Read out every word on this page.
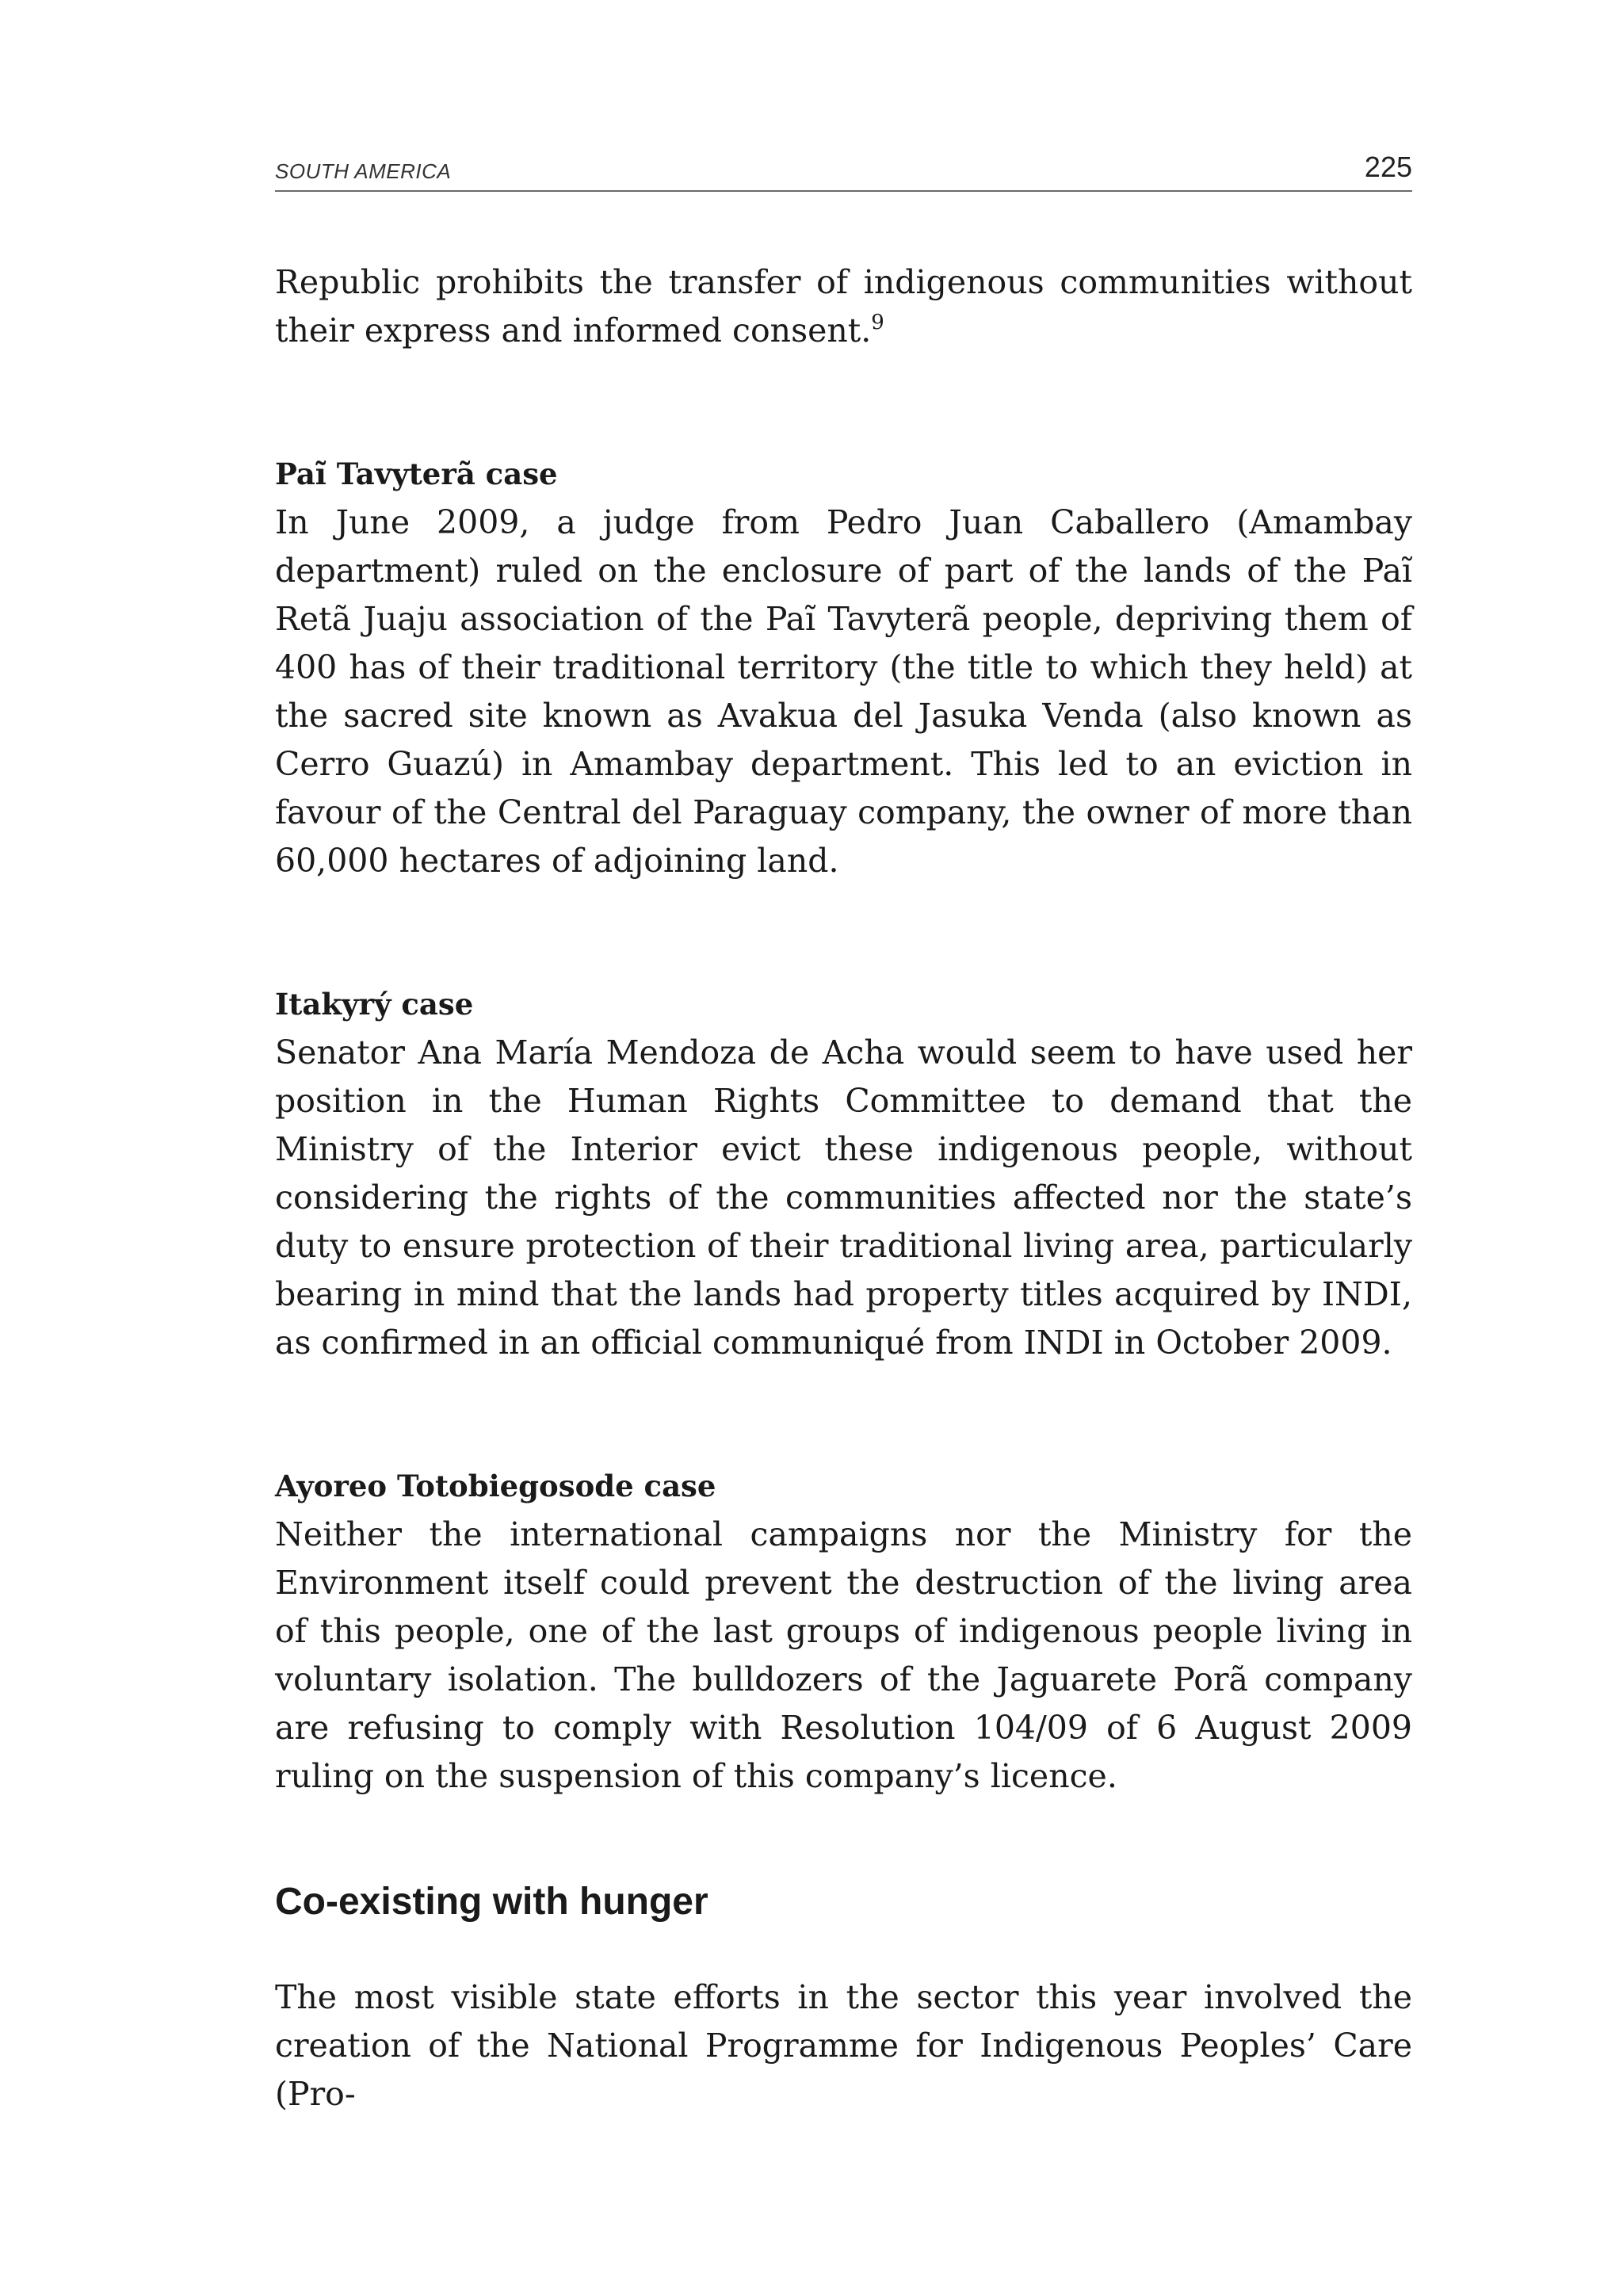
SOUTH AMERICA	225

Republic prohibits the transfer of indigenous communities without their express and informed consent.$^9$

Paĩ Tavyterã case

In June 2009, a judge from Pedro Juan Caballero (Amambay department) ruled on the enclosure of part of the lands of the Paĩ Retã Juaju association of the Paĩ Tavyterã people, depriving them of 400 has of their traditional territory (the title to which they held) at the sacred site known as Avakua del Jasuka Venda (also known as Cerro Guazú) in Amambay department. This led to an eviction in favour of the Central del Paraguay company, the owner of more than 60,000 hectares of adjoining land.

Itakyrý case

Senator Ana María Mendoza de Acha would seem to have used her position in the Human Rights Committee to demand that the Ministry of the Interior evict these indigenous people, without considering the rights of the communities affected nor the state’s duty to ensure protection of their traditional living area, particularly bearing in mind that the lands had property titles acquired by INDI, as confirmed in an official communiqué from INDI in October 2009.

Ayoreo Totobiegosode case

Neither the international campaigns nor the Ministry for the Environment itself could prevent the destruction of the living area of this people, one of the last groups of indigenous people living in voluntary isolation. The bulldozers of the Jaguarete Porã company are refusing to comply with Resolution 104/09 of 6 August 2009 ruling on the suspension of this company’s licence.

Co-existing with hunger

The most visible state efforts in the sector this year involved the creation of the National Programme for Indigenous Peoples’ Care (Pro-
